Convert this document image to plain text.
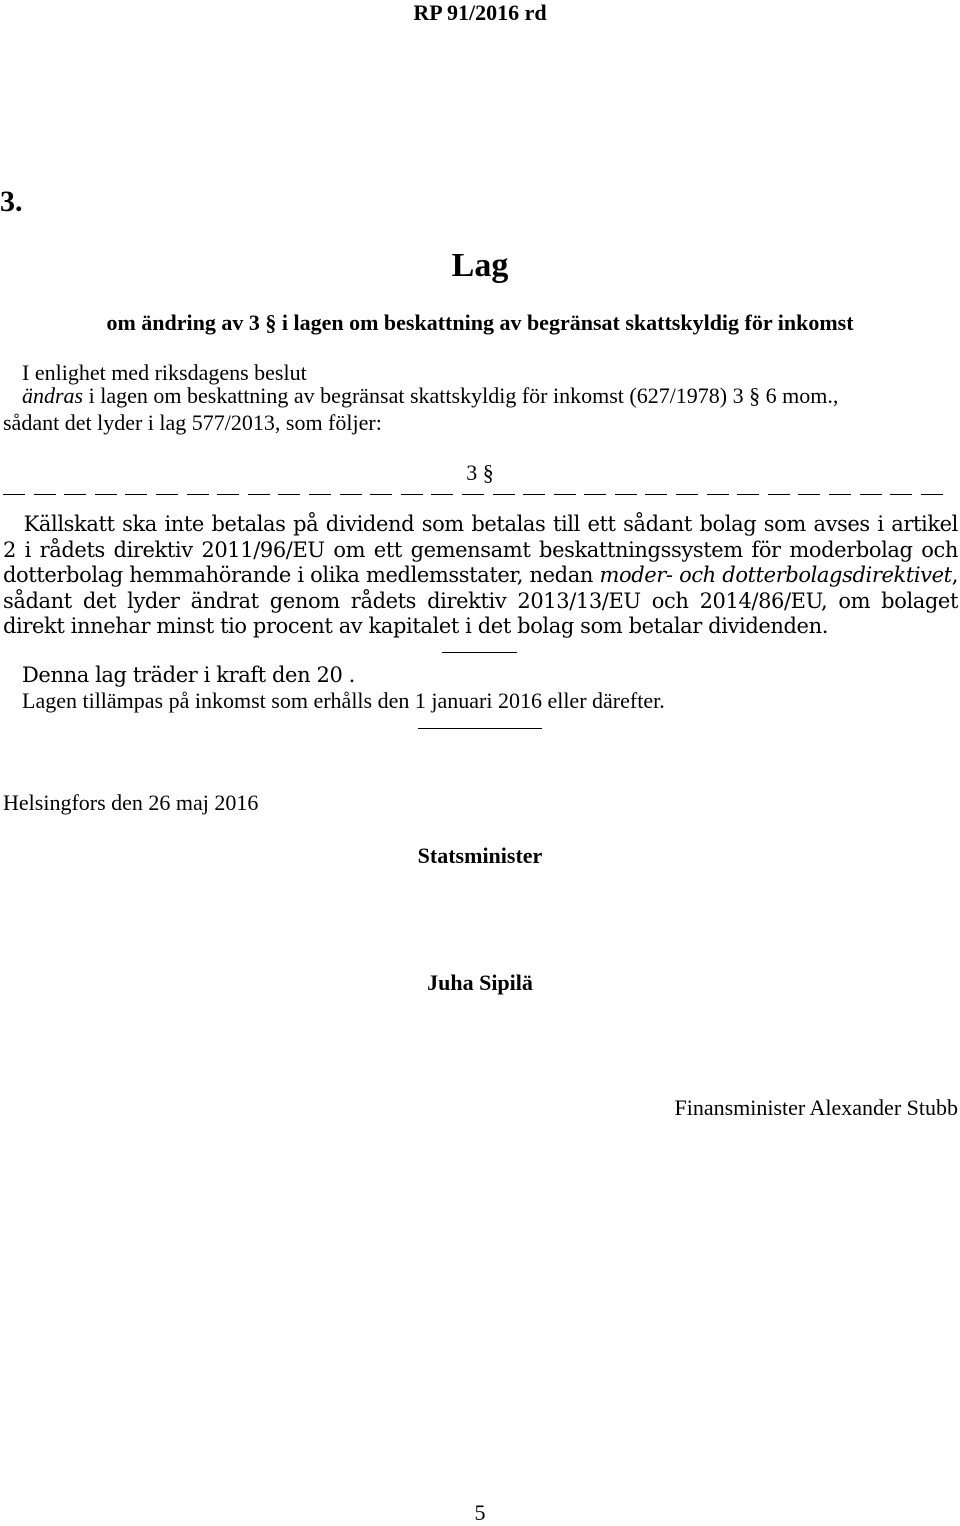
RP 91/2016 rd
3.
Lag
om ändring av 3 § i lagen om beskattning av begränsat skattskyldig för inkomst
I enlighet med riksdagens beslut
ändras i lagen om beskattning av begränsat skattskyldig för inkomst (627/1978) 3 § 6 mom.,
sådant det lyder i lag 577/2013, som följer:
3 §
 Källskatt ska inte betalas på dividend som betalas till ett sådant bolag som avses i artikel 2 i rådets direktiv 2011/96/EU om ett gemensamt beskattningssystem för moderbolag och dotterbolag hemmahörande i olika medlemsstater, nedan moder- och dotterbolagsdirektivet, sådant det lyder ändrat genom rådets direktiv 2013/13/EU och 2014/86/EU, om bolaget direkt innehar minst tio procent av kapitalet i det bolag som betalar dividenden.
Denna lag träder i kraft den 20 .
Lagen tillämpas på inkomst som erhålls den 1 januari 2016 eller därefter.
Helsingfors den 26 maj 2016
Statsminister
Juha Sipilä
Finansminister Alexander Stubb
5
